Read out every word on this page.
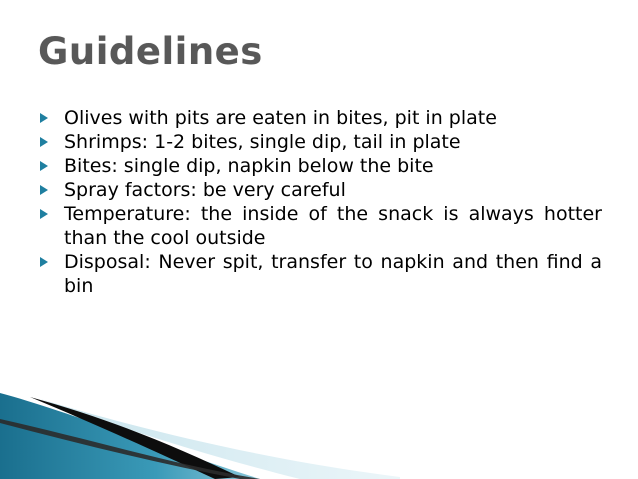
Guidelines
Olives with pits are eaten in bites, pit in plate
Shrimps: 1-2 bites, single dip, tail in plate
Bites: single dip, napkin below the bite
Spray factors: be very careful
Temperature: the inside of the snack is always hotter than the cool outside
Disposal: Never spit, transfer to napkin and then find a bin
